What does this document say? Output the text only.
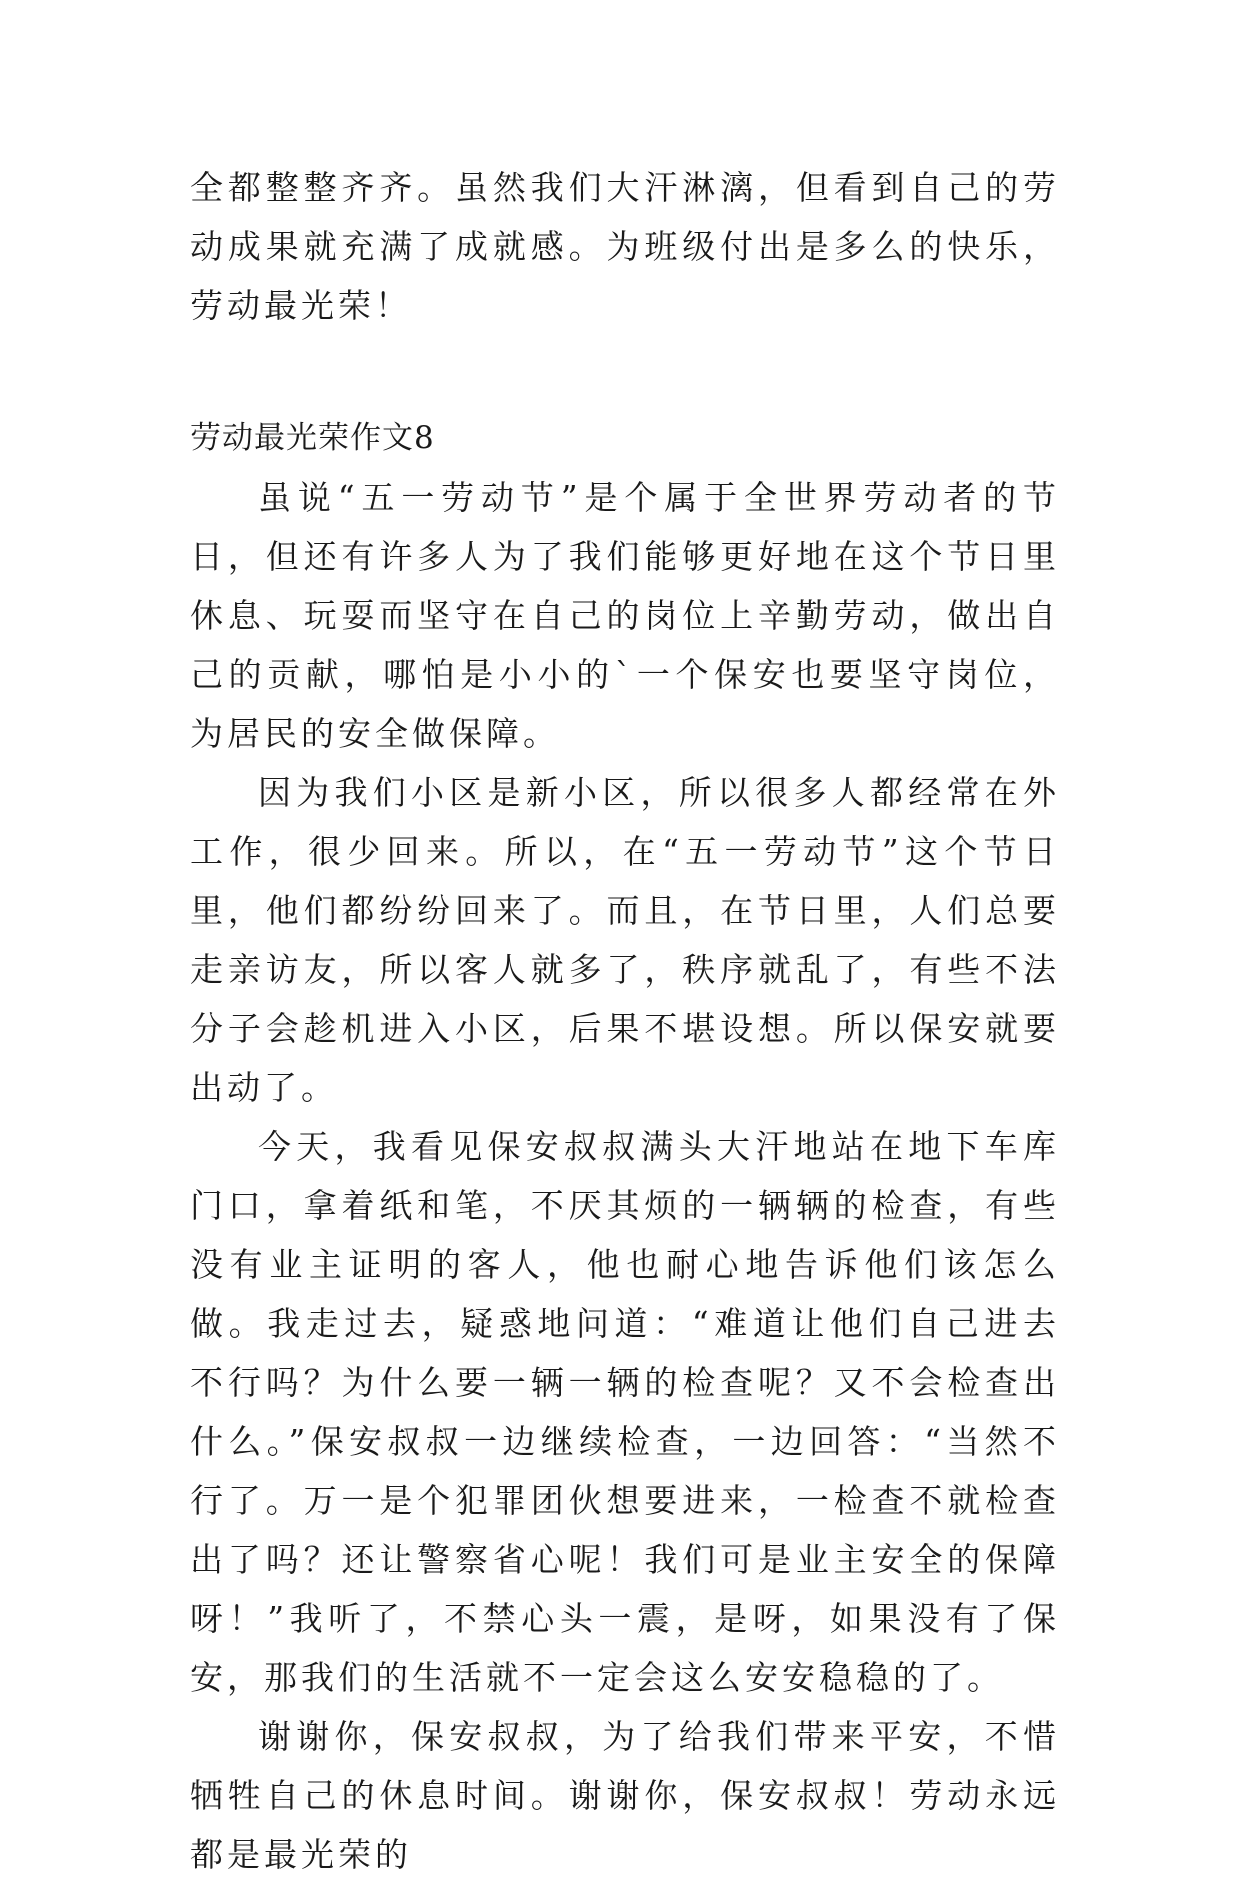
全都整整齐齐。虽然我们大汗淋漓，但看到自己的劳动成果就充满了成就感。为班级付出是多么的快乐，劳动最光荣！

劳动最光荣作文8

虽说“五一劳动节”是个属于全世界劳动者的节日，但还有许多人为了我们能够更好地在这个节日里休息、玩耍而坚守在自己的岗位上辛勤劳动，做出自己的贡献，哪怕是小小的`一个保安也要坚守岗位，为居民的安全做保障。

因为我们小区是新小区，所以很多人都经常在外工作，很少回来。所以，在“五一劳动节”这个节日里，他们都纷纷回来了。而且，在节日里，人们总要走亲访友，所以客人就多了，秩序就乱了，有些不法分子会趁机进入小区，后果不堪设想。所以保安就要出动了。

今天，我看见保安叔叔满头大汗地站在地下车库门口，拿着纸和笔，不厌其烦的一辆辆的检查，有些没有业主证明的客人，他也耐心地告诉他们该怎么做。我走过去，疑惑地问道：“难道让他们自己进去不行吗？为什么要一辆一辆的检查呢？又不会检查出什么。”保安叔叔一边继续检查，一边回答：“当然不行了。万一是个犯罪团伙想要进来，一检查不就检查出了吗？还让警察省心呢！我们可是业主安全的保障呀！”我听了，不禁心头一震，是呀，如果没有了保安，那我们的生活就不一定会这么安安稳稳的了。

谢谢你，保安叔叔，为了给我们带来平安，不惜牺牲自己的休息时间。谢谢你，保安叔叔！劳动永远都是最光荣的
